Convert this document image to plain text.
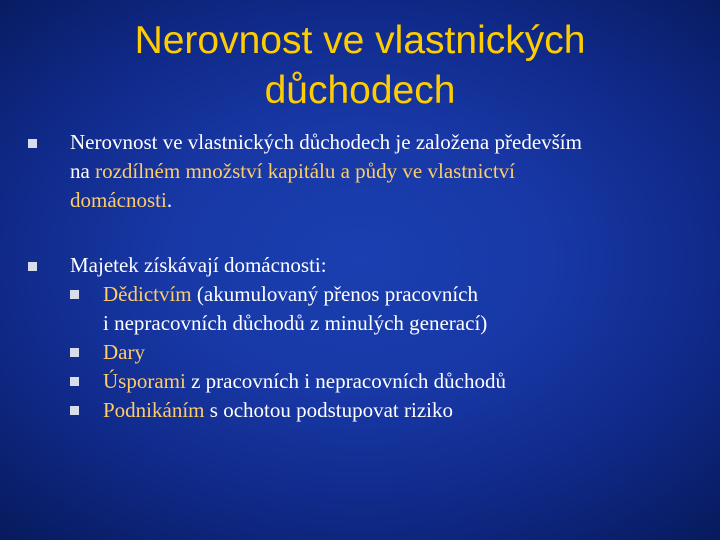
Nerovnost ve vlastnických
důchodech
Nerovnost ve vlastnických důchodech je založena především
na rozdílném množství kapitálu a půdy ve vlastnictví
domácnosti.
Majetek získávají domácnosti:
Dědictvím (akumulovaný přenos pracovních
i nepracovních důchodů z minulých generací)
Dary
Úsporami z pracovních i nepracovních důchodů
Podnikáním s ochotou podstupovat riziko
